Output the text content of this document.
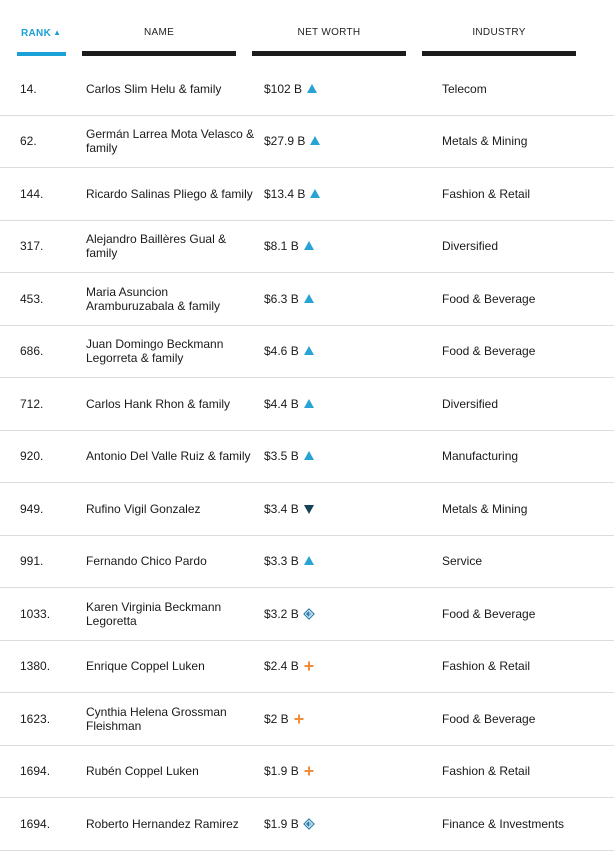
RANK ▲	NAME	NET WORTH	INDUSTRY
14.	Carlos Slim Helu & family	$102 B	Telecom
62.	Germán Larrea Mota Velasco & family	$27.9 B	Metals & Mining
144.	Ricardo Salinas Pliego & family $13.4 B	Fashion & Retail
317.	Alejandro Baillères Gual & family	$8.1 B	Diversified
453.	Maria Asuncion Aramburuzabala & family	$6.3 B	Food & Beverage
686.	Juan Domingo Beckmann Legorreta & family	$4.6 B	Food & Beverage
712.	Carlos Hank Rhon & family	$4.4 B	Diversified
920.	Antonio Del Valle Ruiz & family	$3.5 B	Manufacturing
949.	Rufino Vigil Gonzalez	$3.4 B	Metals & Mining
991.	Fernando Chico Pardo	$3.3 B	Service
1033.	Karen Virginia Beckmann Legoretta	$3.2 B	Food & Beverage
1380.	Enrique Coppel Luken	$2.4 B	Fashion & Retail
1623.	Cynthia Helena Grossman Fleishman	$2 B	Food & Beverage
1694.	Rubén Coppel Luken	$1.9 B	Fashion & Retail
1694.	Roberto Hernandez Ramirez	$1.9 B	Finance & Investments
